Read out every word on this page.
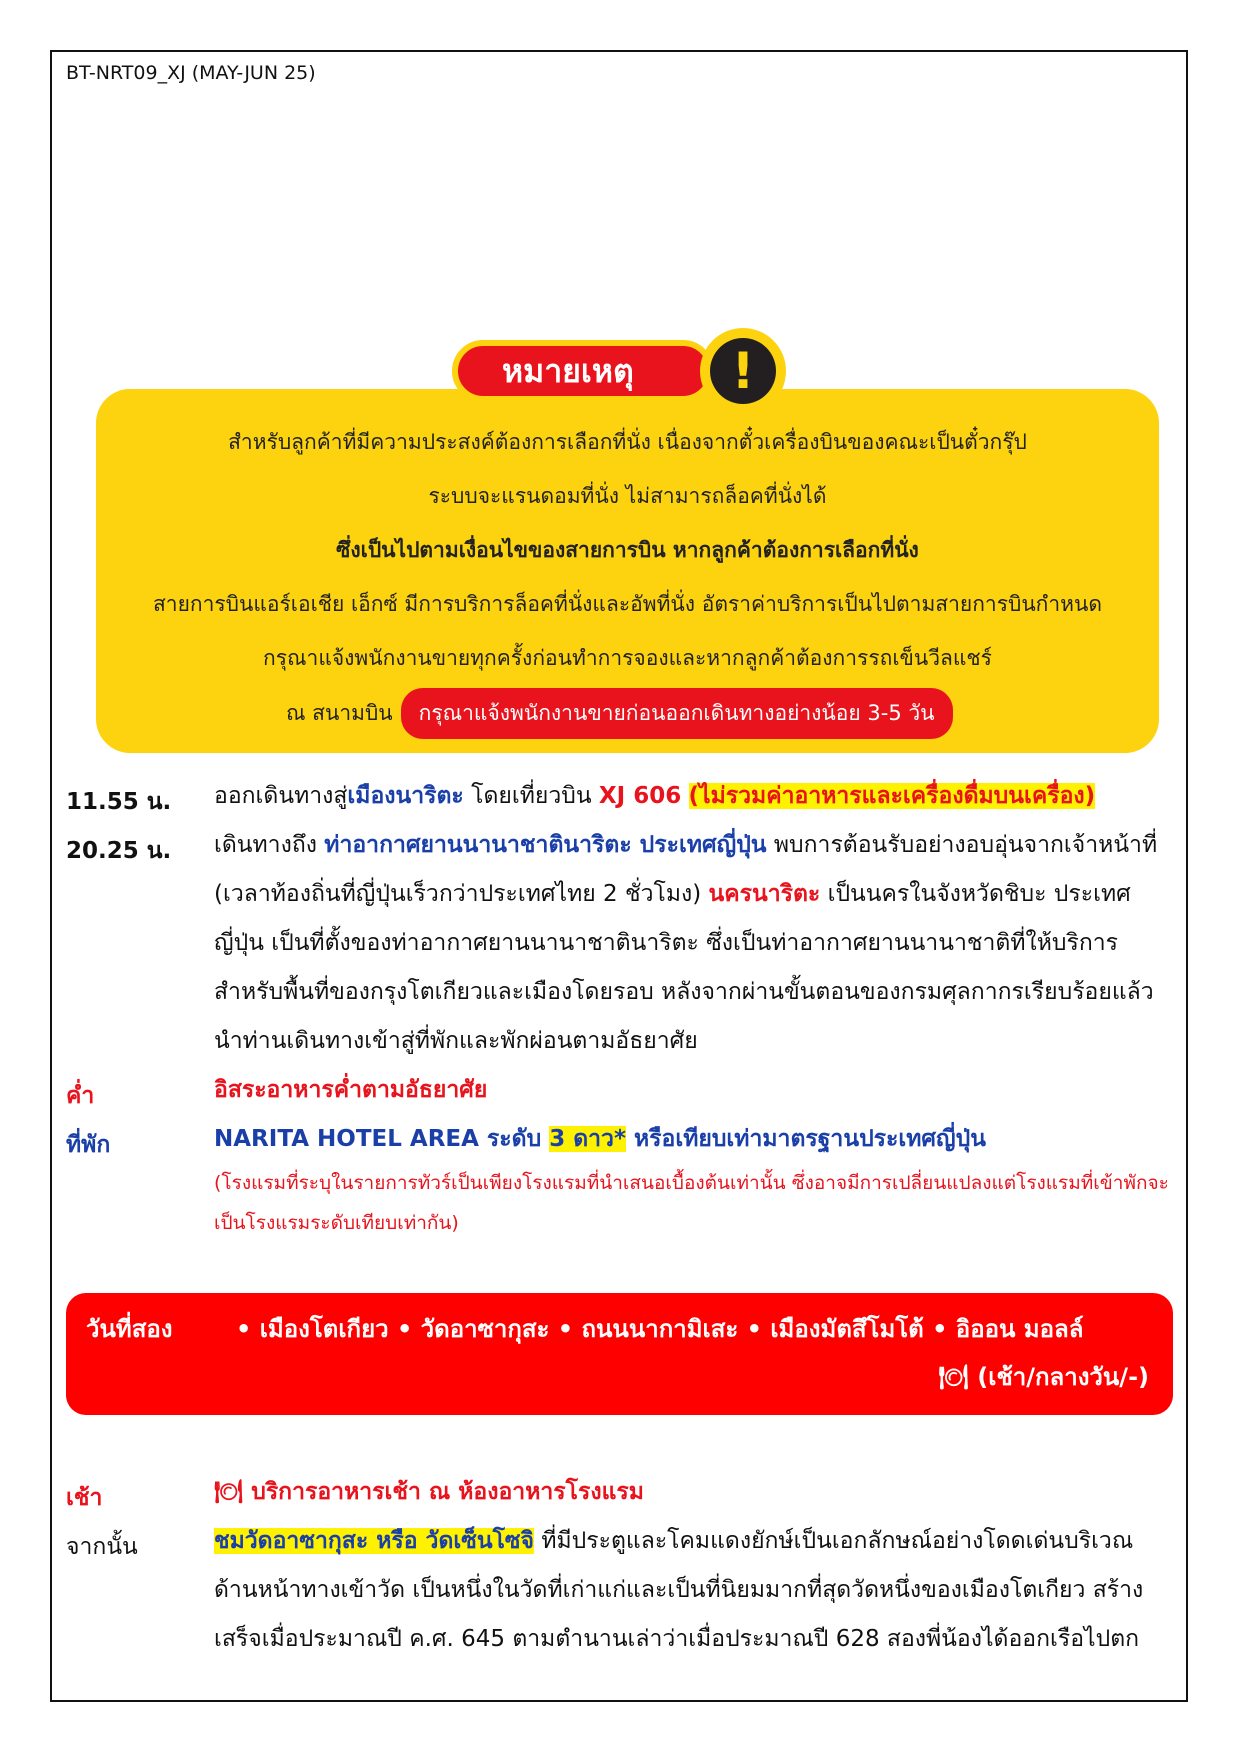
BT-NRT09_XJ (MAY-JUN 25)
หมายเหตุ	!
สำหรับลูกค้าที่มีความประสงค์ต้องการเลือกที่นั่ง เนื่องจากตั๋วเครื่องบินของคณะเป็นตั๋วกรุ๊ป
ระบบจะแรนดอมที่นั่ง ไม่สามารถล็อคที่นั่งได้
ซึ่งเป็นไปตามเงื่อนไขของสายการบิน หากลูกค้าต้องการเลือกที่นั่ง
สายการบินแอร์เอเชีย เอ็กซ์ มีการบริการล็อคที่นั่งและอัพที่นั่ง อัตราค่าบริการเป็นไปตามสายการบินกำหนด
กรุณาแจ้งพนักงานขายทุกครั้งก่อนทำการจองและหากลูกค้าต้องการรถเข็นวีลแชร์
ณ สนามบิน	กรุณาแจ้งพนักงานขายก่อนออกเดินทางอย่างน้อย 3-5 วัน
11.55 น. ออกเดินทางสู่เมืองนาริตะ โดยเที่ยวบิน XJ 606 (ไม่รวมค่าอาหารและเครื่องดื่มบนเครื่อง)
20.25 น. เดินทางถึง ท่าอากาศยานนานาชาตินาริตะ ประเทศญี่ปุ่น พบการต้อนรับอย่างอบอุ่นจากเจ้าหน้าที่ (เวลาท้องถิ่นที่ญี่ปุ่นเร็วกว่าประเทศไทย 2 ชั่วโมง) นครนาริตะ เป็นนครในจังหวัดชิบะ ประเทศญี่ปุ่น เป็นที่ตั้งของท่าอากาศยานนานาชาตินาริตะ ซึ่งเป็นท่าอากาศยานนานาชาติที่ให้บริการสำหรับพื้นที่ของกรุงโตเกียวและเมืองโดยรอบ หลังจากผ่านขั้นตอนของกรมศุลกากรเรียบร้อยแล้ว นำท่านเดินทางเข้าสู่ที่พักและพักผ่อนตามอัธยาศัย
ค่ำ	อิสระอาหารค่ำตามอัธยาศัย
ที่พัก	NARITA HOTEL AREA ระดับ 3 ดาว* หรือเทียบเท่ามาตรฐานประเทศญี่ปุ่น
(โรงแรมที่ระบุในรายการทัวร์เป็นเพียงโรงแรมที่นำเสนอเบื้องต้นเท่านั้น ซึ่งอาจมีการเปลี่ยนแปลงแต่โรงแรมที่เข้าพักจะเป็นโรงแรมระดับเทียบเท่ากัน)
วันที่สอง	• เมืองโตเกียว • วัดอาซากุสะ • ถนนนากามิเสะ • เมืองมัตสึโมโต้ • อิออน มอลล์
🍽 (เช้า/กลางวัน/-)
เช้า	🍽 บริการอาหารเช้า ณ ห้องอาหารโรงแรม
จากนั้น	ชมวัดอาซากุสะ หรือ วัดเซ็นโซจิ ที่มีประตูและโคมแดงยักษ์เป็นเอกลักษณ์อย่างโดดเด่นบริเวณด้านหน้าทางเข้าวัด เป็นหนึ่งในวัดที่เก่าแก่และเป็นที่นิยมมากที่สุดวัดหนึ่งของเมืองโตเกียว สร้างเสร็จเมื่อประมาณปี ค.ศ. 645 ตามตำนานเล่าว่าเมื่อประมาณปี 628 สองพี่น้องได้ออกเรือไปตก
